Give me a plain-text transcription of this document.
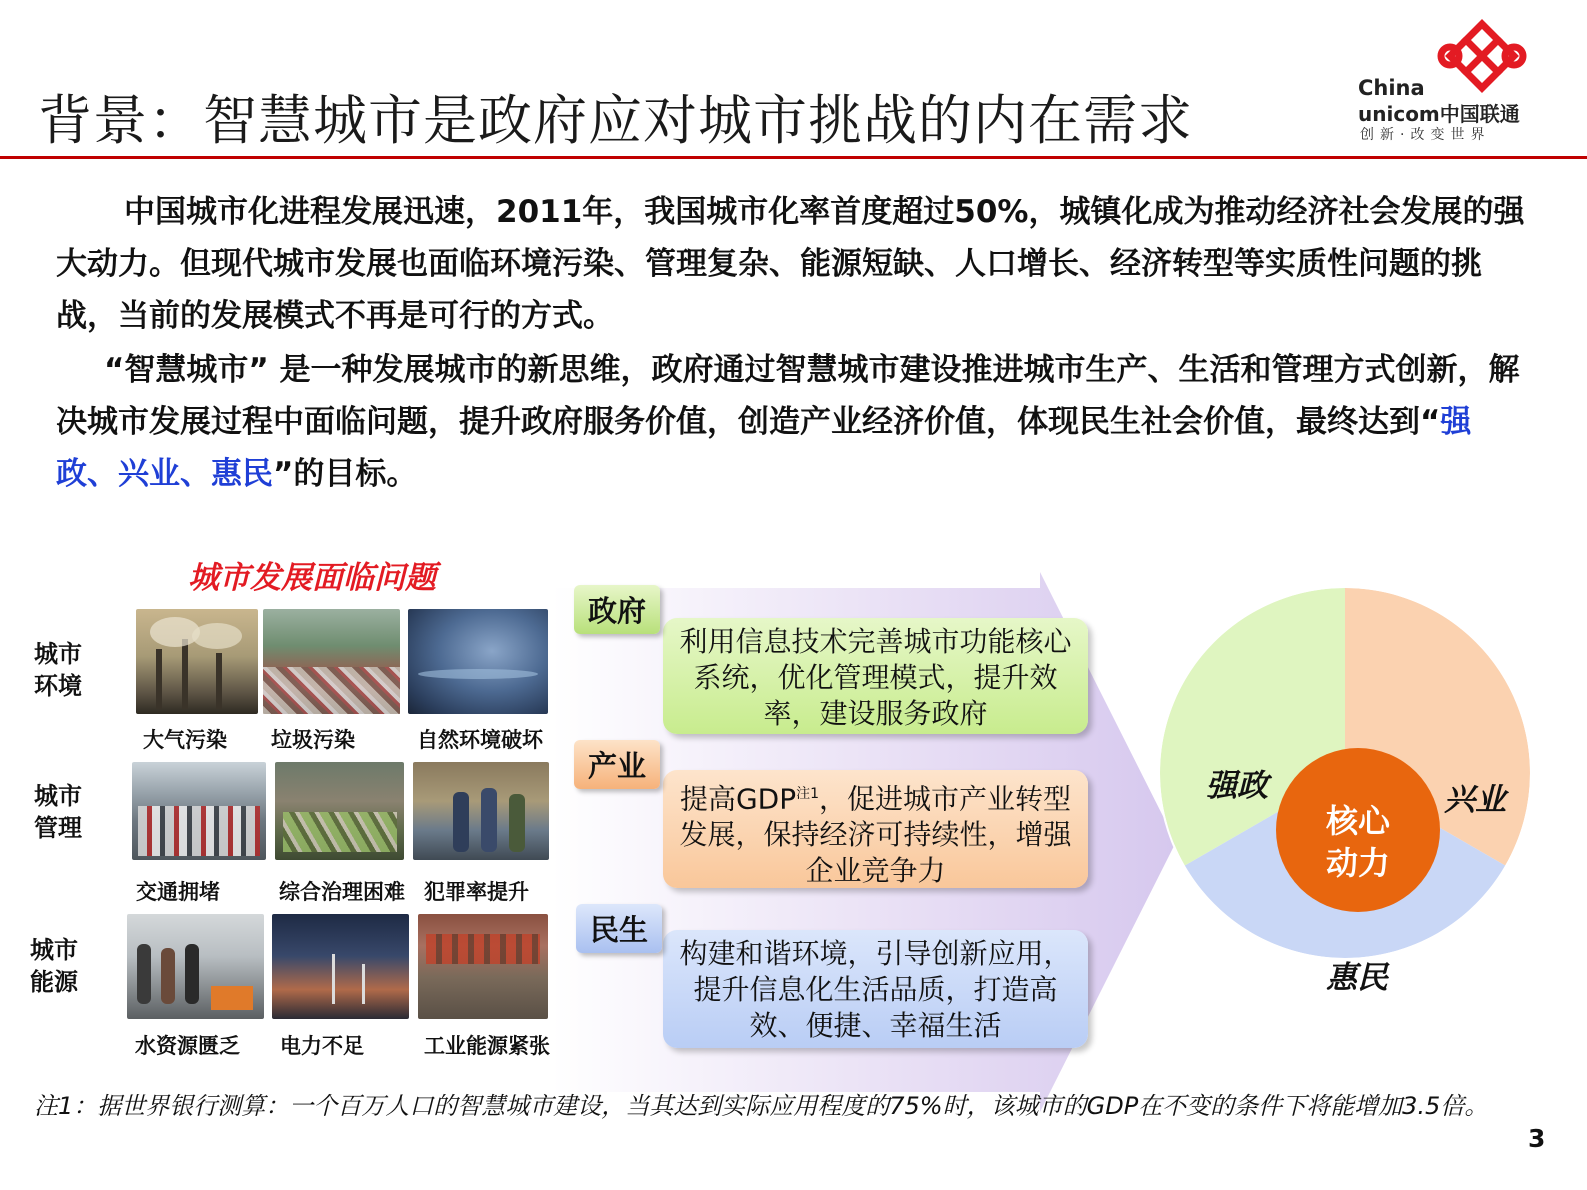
背景：智慧城市是政府应对城市挑战的内在需求
China
unicom中国联通
创新·改变世界
中国城市化进程发展迅速，2011年，我国城市化率首度超过50%，城镇化成为推动经济社会发展的强大动力。但现代城市发展也面临环境污染、管理复杂、能源短缺、人口增长、经济转型等实质性问题的挑战，当前的发展模式不再是可行的方式。
“智慧城市” 是一种发展城市的新思维，政府通过智慧城市建设推进城市生产、生活和管理方式创新，解决城市发展过程中面临问题，提升政府服务价值，创造产业经济价值，体现民生社会价值，最终达到“强政、兴业、惠民”的目标。
城市发展面临问题
城市环境
城市管理
城市能源
大气污染 垃圾污染	自然环境破坏
交通拥堵	综合治理困难 犯罪率提升
水资源匮乏 电力不足	工业能源紧张
利用信息技术完善城市功能核心系统，优化管理模式，提升效率，建设服务政府
政府
提高GDP$^{注1}$，促进城市产业转型发展，保持经济可持续性，增强企业竞争力
产业
构建和谐环境，引导创新应用，提升信息化生活品质，打造高效、便捷、幸福生活
民生
强政	兴业
惠民
核心动力
注1：据世界银行测算：一个百万人口的智慧城市建设，当其达到实际应用程度的75%时，该城市的GDP在不变的条件下将能增加3.5倍。
3
